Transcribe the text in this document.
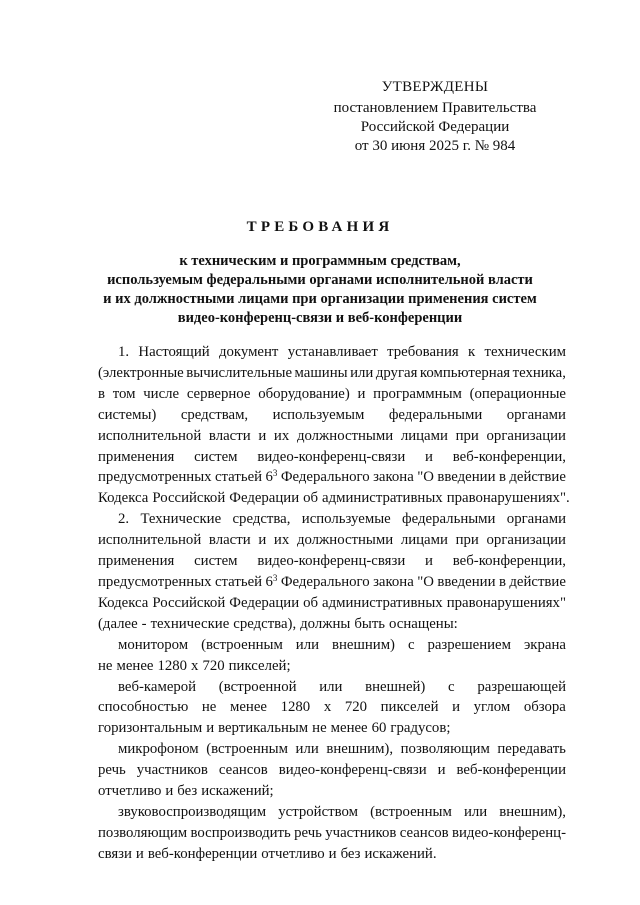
УТВЕРЖДЕНЫ
постановлением Правительства
Российской Федерации
от 30 июня 2025 г. № 984
ТРЕБОВАНИЯ
к техническим и программным средствам,
используемым федеральными органами исполнительной власти
и их должностными лицами при организации применения систем
видео-конференц-связи и веб-конференции
1. Настоящий документ устанавливает требования к техническим
(электронные вычислительные машины или другая компьютерная техника,
в том числе серверное оборудование) и программным (операционные
системы) средствам, используемым федеральными органами
исполнительной власти и их должностными лицами при организации
применения систем видео-конференц-связи и веб-конференции,
предусмотренных статьей $6^3$ Федерального закона "О введении в действие
Кодекса Российской Федерации об административных правонарушениях".
2. Технические средства, используемые федеральными органами
исполнительной власти и их должностными лицами при организации
применения систем видео-конференц-связи и веб-конференции,
предусмотренных статьей $6^3$ Федерального закона "О введении в действие
Кодекса Российской Федерации об административных правонарушениях"
(далее - технические средства), должны быть оснащены:
монитором (встроенным или внешним) с разрешением экрана
не менее 1280 x 720 пикселей;
веб-камерой (встроенной или внешней) с разрешающей
способностью не менее 1280 x 720 пикселей и углом обзора
горизонтальным и вертикальным не менее 60 градусов;
микрофоном (встроенным или внешним), позволяющим передавать
речь участников сеансов видео-конференц-связи и веб-конференции
отчетливо и без искажений;
звуковоспроизводящим устройством (встроенным или внешним),
позволяющим воспроизводить речь участников сеансов видео-конференц-
связи и веб-конференции отчетливо и без искажений.
